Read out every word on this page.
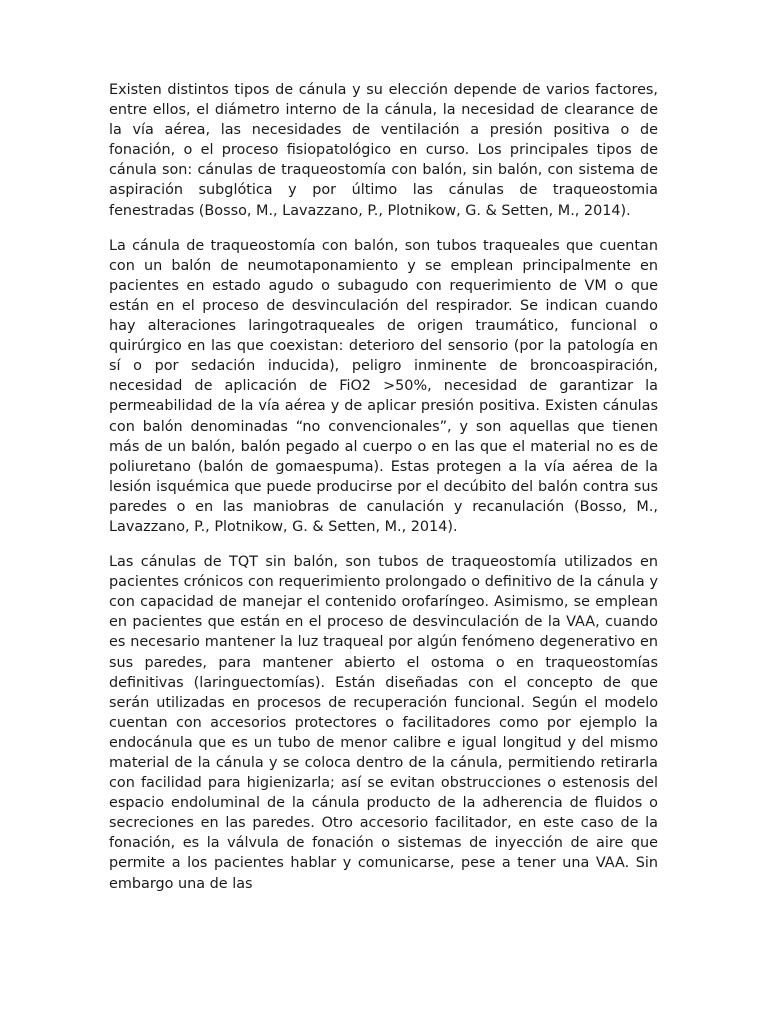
Existen distintos tipos de cánula y su elección depende de varios factores, entre ellos, el diámetro interno de la cánula, la necesidad de clearance de la vía aérea, las necesidades de ventilación a presión positiva o de fonación, o el proceso fisiopatológico en curso. Los principales tipos de cánula son: cánulas de traqueostomía con balón, sin balón, con sistema de aspiración subglótica y por último las cánulas de traqueostomia fenestradas (Bosso, M., Lavazzano, P., Plotnikow, G. & Setten, M., 2014).

La cánula de traqueostomía con balón, son tubos traqueales que cuentan con un balón de neumotaponamiento y se emplean principalmente en pacientes en estado agudo o subagudo con requerimiento de VM o que están en el proceso de desvinculación del respirador. Se indican cuando hay alteraciones laringotraqueales de origen traumático, funcional o quirúrgico en las que coexistan: deterioro del sensorio (por la patología en sí o por sedación inducida), peligro inminente de broncoaspiración, necesidad de aplicación de FiO2 >50%, necesidad de garantizar la permeabilidad de la vía aérea y de aplicar presión positiva. Existen cánulas con balón denominadas “no convencionales”, y son aquellas que tienen más de un balón, balón pegado al cuerpo o en las que el material no es de poliuretano (balón de gomaespuma). Estas protegen a la vía aérea de la lesión isquémica que puede producirse por el decúbito del balón contra sus paredes o en las maniobras de canulación y recanulación (Bosso, M., Lavazzano, P., Plotnikow, G. & Setten, M., 2014).

Las cánulas de TQT sin balón, son tubos de traqueostomía utilizados en pacientes crónicos con requerimiento prolongado o definitivo de la cánula y con capacidad de manejar el contenido orofaríngeo. Asimismo, se emplean en pacientes que están en el proceso de desvinculación de la VAA, cuando es necesario mantener la luz traqueal por algún fenómeno degenerativo en sus paredes, para mantener abierto el ostoma o en traqueostomías definitivas (laringuectomías). Están diseñadas con el concepto de que serán utilizadas en procesos de recuperación funcional. Según el modelo cuentan con accesorios protectores o facilitadores como por ejemplo la endocánula que es un tubo de menor calibre e igual longitud y del mismo material de la cánula y se coloca dentro de la cánula, permitiendo retirarla con facilidad para higienizarla; así se evitan obstrucciones o estenosis del espacio endoluminal de la cánula producto de la adherencia de fluidos o secreciones en las paredes. Otro accesorio facilitador, en este caso de la fonación, es la válvula de fonación o sistemas de inyección de aire que permite a los pacientes hablar y comunicarse, pese a tener una VAA. Sin embargo una de las
